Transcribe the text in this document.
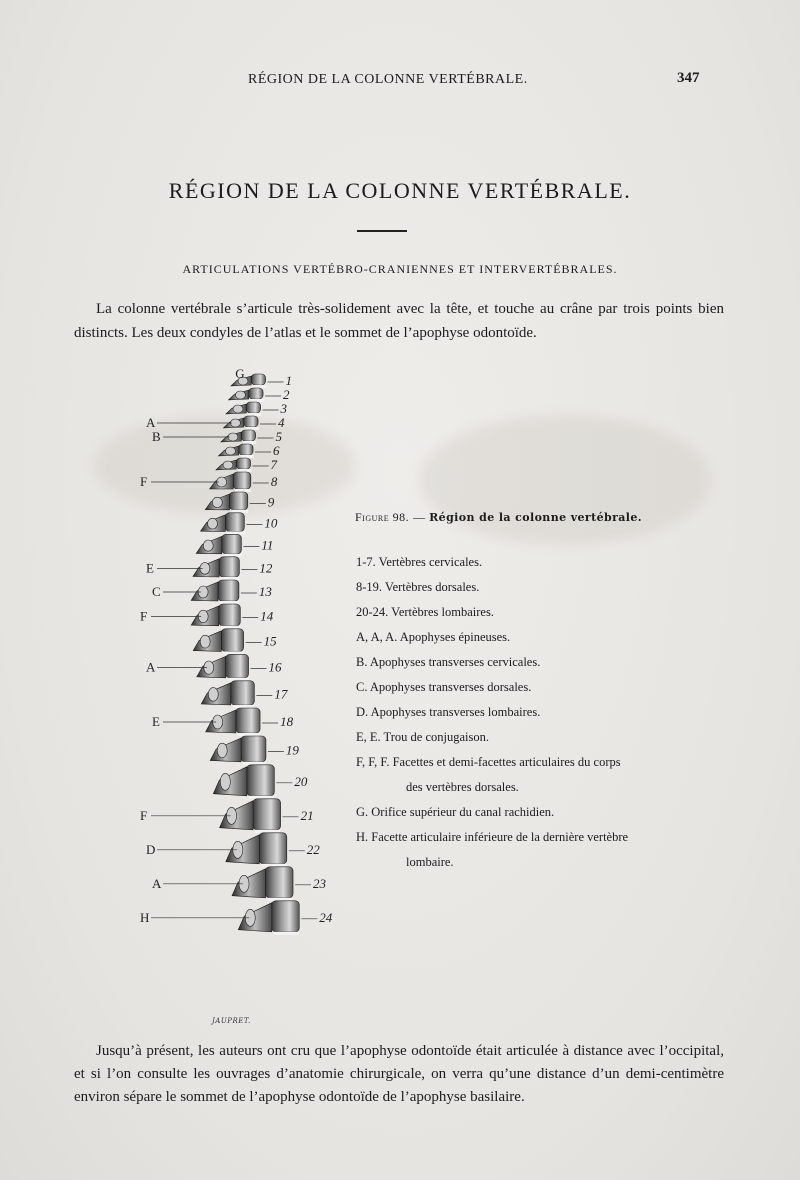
RÉGION DE LA COLONNE VERTÉBRALE.	347
RÉGION DE LA COLONNE VERTÉBRALE.
ARTICULATIONS VERTÉBRO-CRANIENNES ET INTERVERTÉBRALES.

La colonne vertébrale s’articule très-solidement avec la tête, et touche au crâne par trois points bien distincts. Les deux condyles de l’atlas et le sommet de l’apophyse odontoïde.

1
2
3
4
5
6
7
8
9
10
11
12
13
14
15
16
17
18
19
20
21
22
23
24
G
A
B
F
E
C
F
A
E
F
D
A
H
JAUPRET.
Figure 98. — Région de la colonne vertébrale.
1-7. Vertèbres cervicales.
8-19. Vertèbres dorsales.
20-24. Vertèbres lombaires.
A, A, A. Apophyses épineuses.
B. Apophyses transverses cervicales.
C. Apophyses transverses dorsales.
D. Apophyses transverses lombaires.
E, E. Trou de conjugaison.
F, F, F. Facettes et demi-facettes articulaires du corps
des vertèbres dorsales.
G. Orifice supérieur du canal rachidien.
H. Facette articulaire inférieure de la dernière vertèbre
lombaire.

Jusqu’à présent, les auteurs ont cru que l’apophyse odontoïde était articulée à distance avec l’occipital, et si l’on consulte les ouvrages d’anatomie chirurgicale, on verra qu’une distance d’un demi-centimètre environ sépare le sommet de l’apophyse odontoïde de l’apophyse basilaire.
